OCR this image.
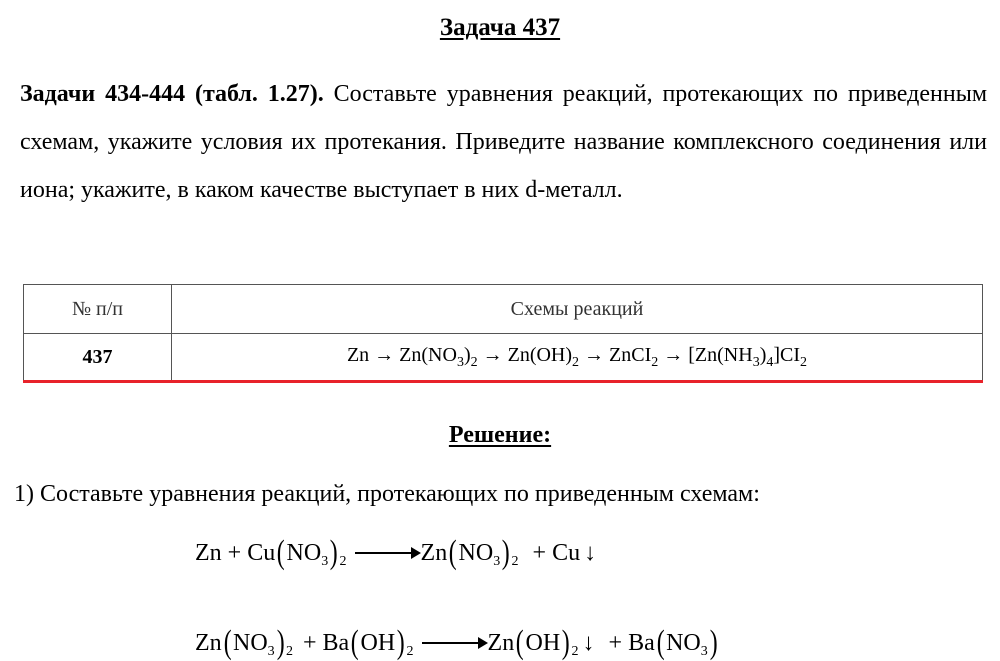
Задача 437
Задачи 434-444 (табл. 1.27). Составьте уравнения реакций, протекающих по приведенным схемам, укажите условия их протекания. Приведите название комплексного соединения или иона; укажите, в каком качестве выступает в них d-металл.
№ п/п	Схемы реакций
437	$Zn \to Zn(NO_3)_2 \to Zn(OH)_2$ → ZnCI$_2$ → $[Zn(NH_3)_4]CI_2$
Решение:
1) Составьте уравнения реакций, протекающих по приведенным схемам:
Zn + Cu ( NO 3 ) 2 → Zn ( NO 3 ) 2 + Cu ↓
Zn ( NO 3 ) 2 + Ba ( OH ) 2 → Zn ( OH ) 2 ↓ + Ba ( NO 3 )
